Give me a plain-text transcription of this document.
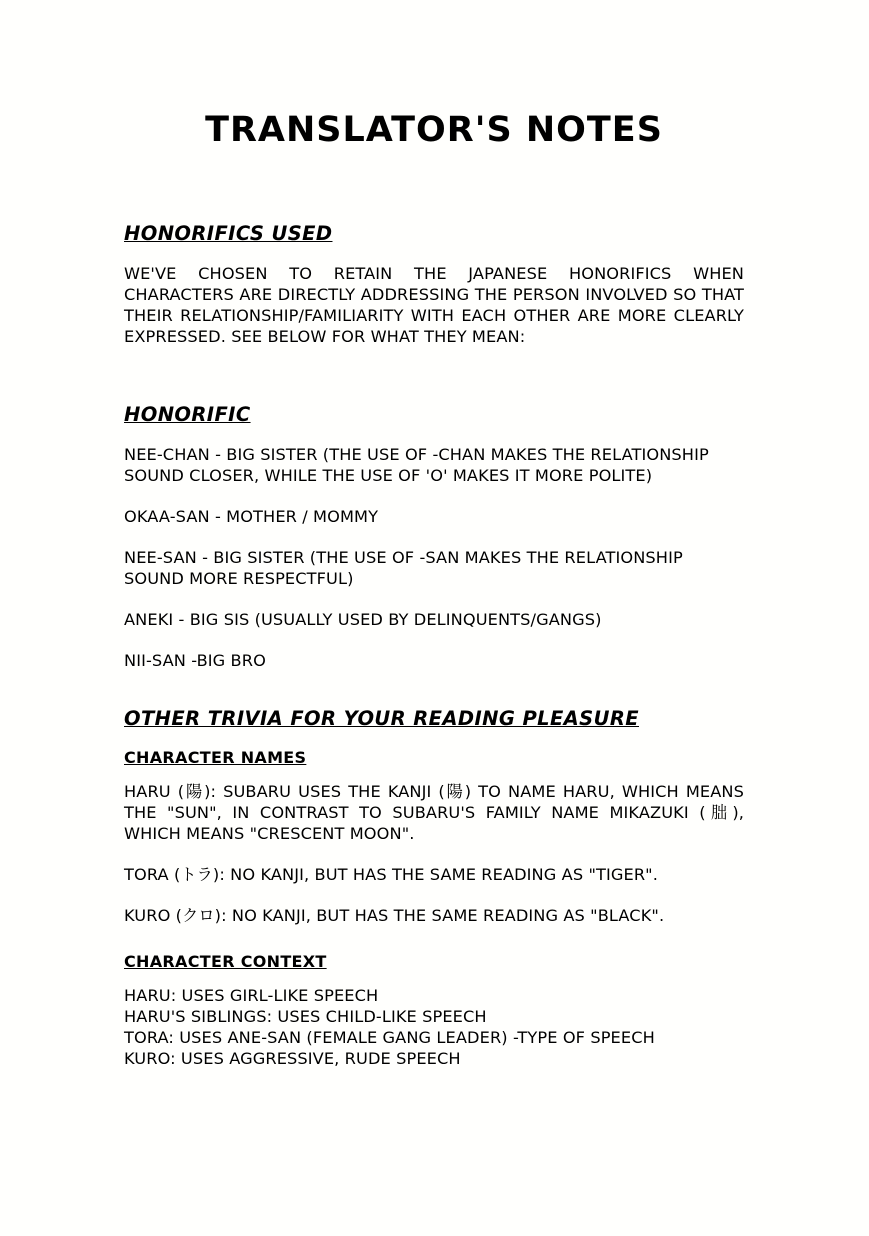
TRANSLATOR'S NOTES
HONORIFICS USED

WE'VE CHOSEN TO RETAIN THE JAPANESE HONORIFICS WHEN CHARACTERS ARE DIRECTLY ADDRESSING THE PERSON INVOLVED SO THAT THEIR RELATIONSHIP/FAMILIARITY WITH EACH OTHER ARE MORE CLEARLY EXPRESSED. SEE BELOW FOR WHAT THEY MEAN:

HONORIFIC

NEE-CHAN - BIG SISTER (THE USE OF -CHAN MAKES THE RELATIONSHIP SOUND CLOSER, WHILE THE USE OF 'O' MAKES IT MORE POLITE)

OKAA-SAN - MOTHER / MOMMY

NEE-SAN - BIG SISTER (THE USE OF -SAN MAKES THE RELATIONSHIP SOUND MORE RESPECTFUL)

ANEKI - BIG SIS (USUALLY USED BY DELINQUENTS/GANGS)

NII-SAN -BIG BRO

OTHER TRIVIA FOR YOUR READING PLEASURE
CHARACTER NAMES

HARU (陽): SUBARU USES THE KANJI (陽) TO NAME HARU, WHICH MEANS THE "SUN", IN CONTRAST TO SUBARU'S FAMILY NAME MIKAZUKI (朏), WHICH MEANS "CRESCENT MOON".

TORA (トラ): NO KANJI, BUT HAS THE SAME READING AS "TIGER".

KURO (クロ): NO KANJI, BUT HAS THE SAME READING AS "BLACK".

CHARACTER CONTEXT
HARU: USES GIRL-LIKE SPEECH
HARU'S SIBLINGS: USES CHILD-LIKE SPEECH
TORA: USES ANE-SAN (FEMALE GANG LEADER) -TYPE OF SPEECH
KURO: USES AGGRESSIVE, RUDE SPEECH
